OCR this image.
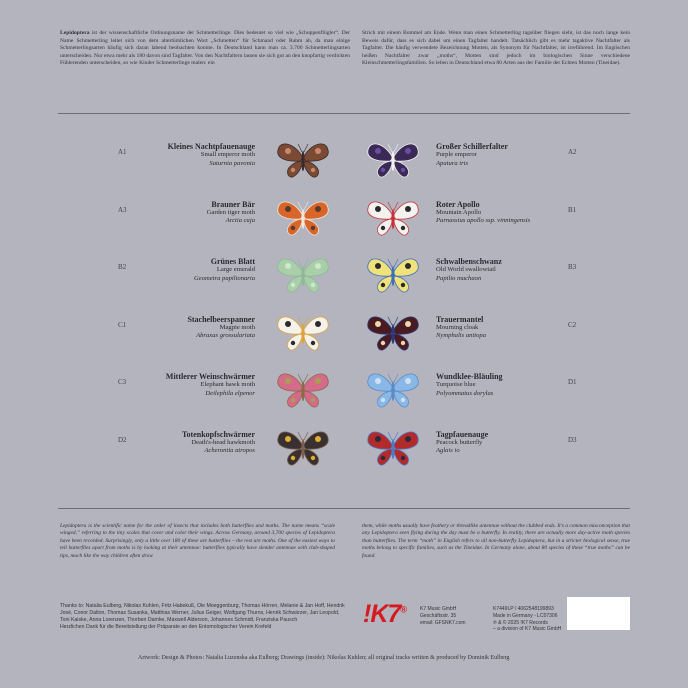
Lepidoptera ist der wissenschaftliche Ordnungsname der Schmetterlinge. Dies bedeutet so viel wie „Schuppenflügler“. Der Name Schmetterling leitet sich von dem altertümlichen Wort „Schmetten“ für Schmand oder Rahm ab, da man einige Schmetterlingsarten häufig sich daran labend beobachten konnte. In Deutschland kann man ca. 3.700 Schmetterlingsarten unterscheiden. Nur etwa mehr als 180 davon sind Tagfalter. Von den Nachtfaltern lassen sie sich gut an den knopfartig verdickten Fühlerenden unterscheiden, so wie Kinder Schmetterlinge malen: ein
Strich mit einem Bommel am Ende. Wenn man einen Schmetterling tagsüber fliegen sieht, ist das noch lange kein Beweis dafür, dass es sich dabei um einen Tagfalter handelt. Tatsächlich gibt es mehr tagaktive Nachtfalter als Tagfalter. Die häufig verwendete Bezeichnung Motten, als Synonym für Nachtfalter, ist irreführend. Im Englischen heißen Nachtfalter zwar „moths“, Motten sind jedoch im biologischen Sinne verschiedene Kleinschmetterlingsfamilien. So leben in Deutschland etwa 80 Arten aus der Familie der Echten Motten (Tineidae).
A1
Kleines Nachtpfauenauge
Small emperor moth
Saturnia pavonia
Großer Schillerfalter
Purple emperor
Apatura iris
A2
A3
Brauner Bär
Garden tiger moth
Arctia caja
Roter Apollo
Mountain Apollo
Parnassius apollo ssp. vinningensis
B1
B2
Grünes Blatt
Large emerald
Geometra papilionaria
Schwalbenschwanz
Old World swallowtail
Papilio machaon
B3
C1
Stachelbeerspanner
Magpie moth
Abraxas grossulariata
Trauermantel
Mourning cloak
Nymphalis antiopa
C2
C3
Mittlerer Weinschwärmer
Elephant hawk moth
Deilephila elpenor
Wundklee-Bläuling
Turquoise blue
Polyommatus dorylas
D1
D2
Totenkopfschwärmer
Death's-head hawkmoth
Acherontia atropos
Tagpfauenauge
Peacock butterfly
Aglais io
D3
Lepidoptera is the scientific name for the order of insects that includes both butterflies and moths. The name means “scale winged,” referring to the tiny scales that cover and color their wings. Across Germany, around 3,700 species of Lepidoptera have been recorded. Surprisingly, only a little over 180 of these are butterflies – the rest are moths. One of the easiest ways to tell butterflies apart from moths is by looking at their antennae: butterflies typically have slender antennae with club-shaped tips, much like the way children often draw
them, while moths usually have feathery or threadlike antennae without the clubbed ends. It’s a common misconception that any Lepidoptera seen flying during the day must be a butterfly. In reality, there are actually more day-active moth species than butterflies. The term “moth” in English refers to all non-butterfly Lepidoptera, but in a stricter biological sense, true moths belong to specific families, such as the Tineidae. In Germany alone, about 80 species of these “true moths” can be found.
Thanks to: Natalia Eulberg, Nikolas Kuhlen, Fritz Habekuß, Ole Moeggenburg, Thomas Hörren, Melanie & Jan Hoff, Hendrik José, Conor Dalton, Thomas Susanka, Matthias Werner, Julius Geiger, Wolfgang Thurns, Henrik Schwärzer, Jan Leopold, Toni Kaiske, Anna Lorenzen, Thorben Damke, Maxwell Alderson, Johannes Schmidt, Franziska Pausch
Herzlichen Dank für die Bereitstellung der Präparate an den Entomologischer Verein Krefeld	!K7®	K7 Music GmbH
Geschäftsstr. 35
email: GFSNK7.com
K7449LP / 4062548199893
Made in Germany - LC07306
℗ & © 2025 !K7 Records
– a division of K7 Music GmbH
Artwork: Design & Photos: Natalia Luzenska aka Eulberg; Drawings (inside): Nikolas Kuhlen; all original tracks written & produced by Dominik Eulberg
